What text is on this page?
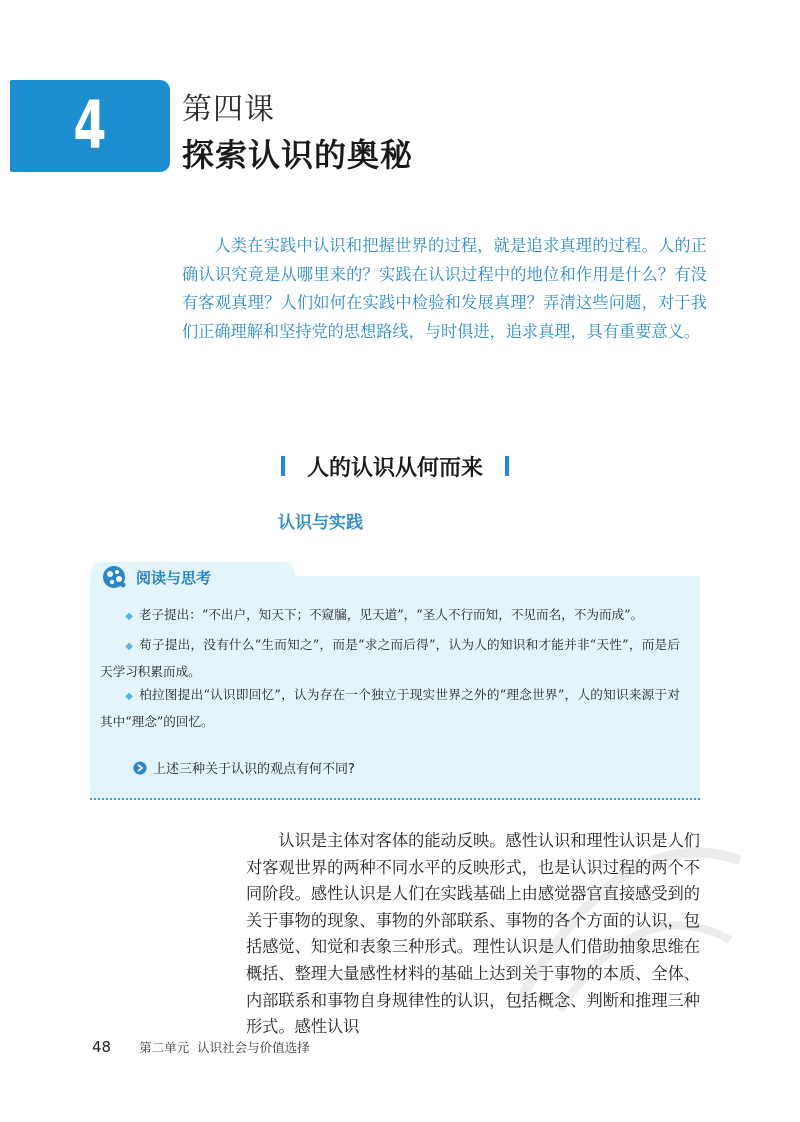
4	第四课
探索认识的奥秘

人类在实践中认识和把握世界的过程，就是追求真理的过程。人的正确认识究竟是从哪里来的？实践在认识过程中的地位和作用是什么？有没有客观真理？人们如何在实践中检验和发展真理？弄清这些问题，对于我们正确理解和坚持党的思想路线，与时俱进，追求真理，具有重要意义。

人的认识从何而来
认识与实践
阅读与思考

◆ 老子提出：“不出户，知天下；不窥牖，见天道”，“圣人不行而知，不见而名，不为而成”。

◆ 荀子提出，没有什么“生而知之”，而是“求之而后得”，认为人的知识和才能并非“天性”，而是后天学习积累而成。

◆ 柏拉图提出“认识即回忆”，认为存在一个独立于现实世界之外的“理念世界”，人的知识来源于对其中“理念”的回忆。

上述三种关于认识的观点有何不同?

认识是主体对客体的能动反映。感性认识和理性认识是人们对客观世界的两种不同水平的反映形式，也是认识过程的两个不同阶段。感性认识是人们在实践基础上由感觉器官直接感受到的关于事物的现象、事物的外部联系、事物的各个方面的认识，包括感觉、知觉和表象三种形式。理性认识是人们借助抽象思维在概括、整理大量感性材料的基础上达到关于事物的本质、全体、内部联系和事物自身规律性的认识，包括概念、判断和推理三种形式。感性认识

48 第二单元
认识社会与价值选择
